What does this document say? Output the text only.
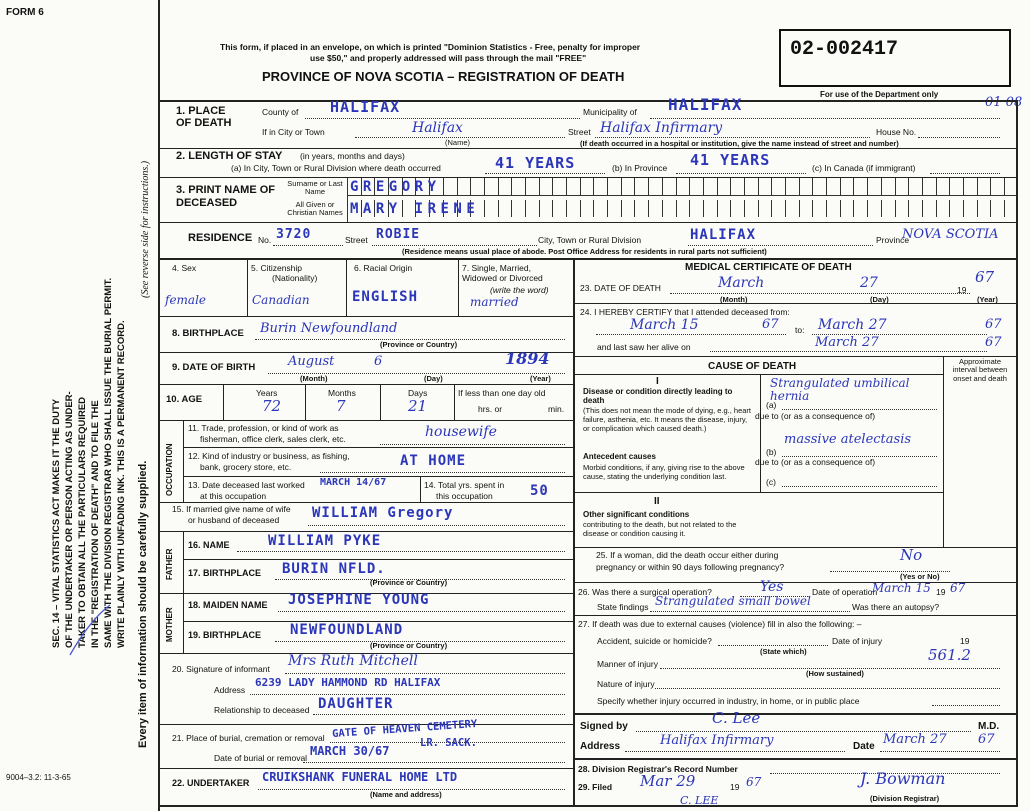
FORM 6
This form, if placed in an envelope, on which is printed "Dominion Statistics - Free, penalty for improper
use $50," and properly addressed will pass through the mail "FREE"
PROVINCE OF NOVA SCOTIA – REGISTRATION OF DEATH
02-002417
For use of the Department only
01 08
SEC. 14 – VITAL STATISTICS ACT MAKES IT THE DUTY OF THE UNDERTAKER OR PERSON ACTING AS UNDER- TAKER TO OBTAIN ALL THE PARTICULARS REQUIRED IN THE "REGISTRATION OF DEATH" AND TO FILE THE SAME WITH THE DIVISION REGISTRAR WHO SHALL ISSUE THE BURIAL PERMIT. WRITE PLAINLY WITH UNFADING INK. THIS IS A PERMANENT RECORD. Every item of information should be carefully supplied.
(See reverse side for instructions.)
9004–3.2: 11-3-65
1. PLACE OF DEATH
County of HALIFAX	Municipality of HALIFAX
If in City or Town	Halifax
(Name)
Street Halifax Infirmary	House No.
(If death occurred in a hospital or institution, give the name instead of street and number)
2. LENGTH OF STAY (in years, months and days)
(a) In City, Town or Rural Division where death occurred	41 YEARS	(b) In Province 41 YEARS	(c) In Canada (if immigrant)
3. PRINT NAME OF DECEASED
Surname or Last Name
All Given or Christian Names
GREGORY
MARY IRENE
RESIDENCE No. 3720	Street ROBIE	City, Town or Rural Division	HALIFAX	Province
NOVA SCOTIA
(Residence means usual place of abode. Post Office Address for residents in rural parts not sufficient)
4. Sex	5. Citizenship
(Nationality)
6. Racial Origin	7. Single, Married, Widowed or Divorced
(write the word)
female	Canadian	ENGLISH	married
8. BIRTHPLACE Burin Newfoundland
(Province or Country)
9. DATE OF BIRTH	August	6	1894
(Month)	(Day)	(Year)
10. AGE
Years	Months	Days	If less than one day old
hrs. or	min.
72	7	21
OCCUPATION
11. Trade, profession, or kind of work as
fisherman, office clerk, sales clerk, etc.	housewife
12. Kind of industry or business, as fishing,
bank, grocery store, etc.	AT HOME
13. Date deceased last worked
at this occupation
MARCH 14/67	14. Total yrs. spent in
this occupation	50
15. If married give name of wife
or husband of deceased WILLIAM Gregory
FATHER
16. NAME	WILLIAM PYKE
17. BIRTHPLACE BURIN NFLD.
(Province or Country)
MOTHER
18. MAIDEN NAME JOSEPHINE YOUNG
19. BIRTHPLACE NEWFOUNDLAND
(Province or Country)
20. Signature of informant Mrs Ruth Mitchell
Address
6239 LADY HAMMOND RD HALIFAX
Relationship to deceased DAUGHTER
21. Place of burial, cremation or removal GATE OF HEAVEN CEMETERY
LR. SACK.
Date of burial or removal MARCH 30/67
22. UNDERTAKER CRUIKSHANK FUNERAL HOME LTD
(Name and address)
MEDICAL CERTIFICATE OF DEATH
23. DATE OF DEATH	March	27	19
67
(Month)	(Day)	(Year)
24. I HEREBY CERTIFY that I attended deceased from:
March 15	67 to: March 27	67
and last saw her alive on	March 27	67
CAUSE OF DEATH	Approximate interval between onset and death
I
Disease or condition directly leading to death
(This does not mean the mode of dying, e.g., heart failure, asthenia, etc. It means the disease, injury, or complication which caused death.)
Strangulated umbilical hernia
(a)
due to (or as a consequence of)
Antecedent causes
Morbid conditions, if any, giving rise to the above cause, stating the underlying condition last.
(b)
massive atelectasis
due to (or as a consequence of)
(c)
II
Other significant conditions
contributing to the death, but not related to the disease or condition causing it.
25. If a woman, did the death occur either during
pregnancy or within 90 days following pregnancy?
No
(Yes or No)
26. Was there a surgical operation?	Yes	Date of operation
March 15 19 67
State findings Strangulated small bowel	Was there an autopsy?
27. If death was due to external causes (violence) fill in also the following: –
Accident, suicide or homicide?	Date of injury	19
(State which)
Manner of injury	561.2
(How sustained)
Nature of injury
Specify whether injury occurred in industry, in home, or in public place
Signed by	C. Lee	M.D.
Address	Halifax Infirmary	Date March 27 67
28. Division Registrar's Record Number
29. Filed Mar 29	19 67	J. Bowman
(Division Registrar)
C. LEE
